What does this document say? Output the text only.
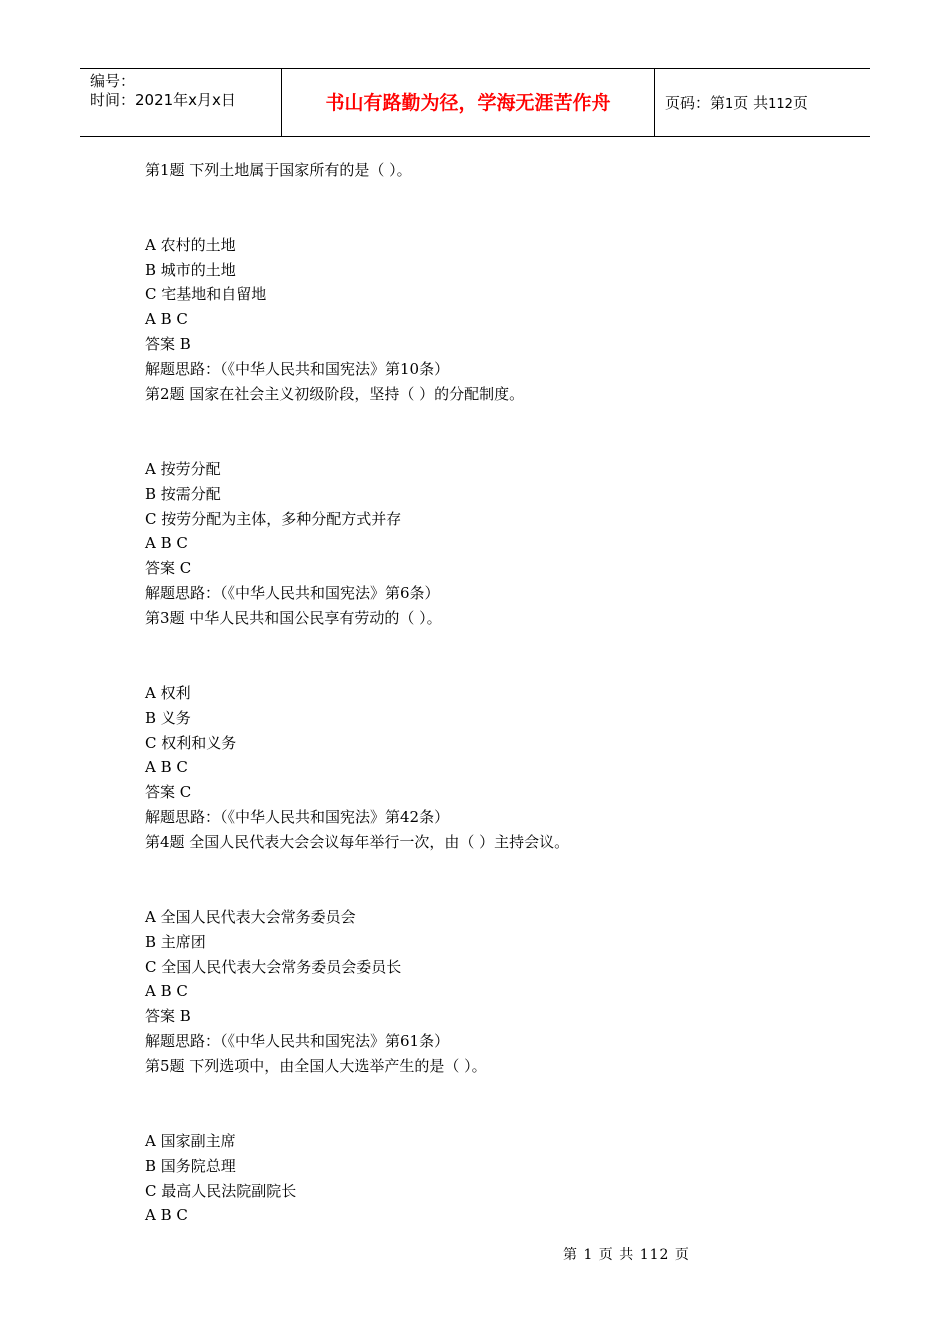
编号：
时间：2021年x月x日	书山有路勤为径，学海无涯苦作舟	页码：第1页 共112页
第1题 下列土地属于国家所有的是（ ）。
A 农村的土地
B 城市的土地
C 宅基地和自留地
A B C
答案 B
解题思路：（《中华人民共和国宪法》第10条）
第2题 国家在社会主义初级阶段，坚持（ ）的分配制度。
A 按劳分配
B 按需分配
C 按劳分配为主体，多种分配方式并存
A B C
答案 C
解题思路：（《中华人民共和国宪法》第6条）
第3题 中华人民共和国公民享有劳动的（ ）。
A 权利
B 义务
C 权利和义务
A B C
答案 C
解题思路：（《中华人民共和国宪法》第42条）
第4题 全国人民代表大会会议每年举行一次，由（ ）主持会议。
A 全国人民代表大会常务委员会
B 主席团
C 全国人民代表大会常务委员会委员长
A B C
答案 B
解题思路：（《中华人民共和国宪法》第61条）
第5题 下列选项中，由全国人大选举产生的是（ ）。
A 国家副主席
B 国务院总理
C 最高人民法院副院长
A B C
第 1 页 共 112 页
